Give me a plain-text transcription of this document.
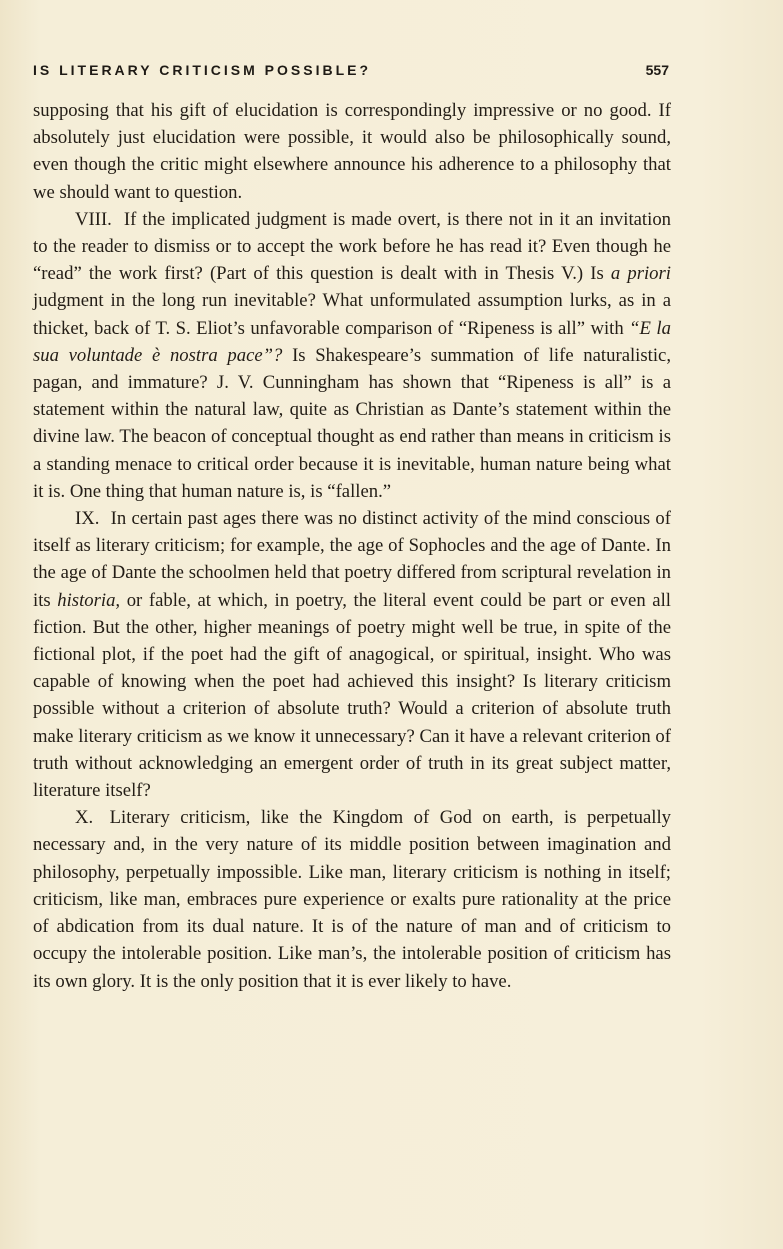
IS LITERARY CRITICISM POSSIBLE?	557

supposing that his gift of elucidation is correspondingly impressive or no good. If absolutely just elucidation were possible, it would also be philosophically sound, even though the critic might elsewhere announce his adherence to a philosophy that we should want to question.

VIII. If the implicated judgment is made overt, is there not in it an invitation to the reader to dismiss or to accept the work before he has read it? Even though he “read” the work first? (Part of this question is dealt with in Thesis V.) Is a priori judgment in the long run inevitable? What unformulated assumption lurks, as in a thicket, back of T. S. Eliot’s unfavorable comparison of “Ripeness is all” with “E la sua voluntade è nostra pace”? Is Shakespeare’s summation of life naturalistic, pagan, and immature? J. V. Cunningham has shown that “Ripeness is all” is a statement within the natural law, quite as Christian as Dante’s statement within the divine law. The beacon of conceptual thought as end rather than means in criticism is a standing menace to critical order because it is inevitable, human nature being what it is. One thing that human nature is, is “fallen.”

IX. In certain past ages there was no distinct activity of the mind conscious of itself as literary criticism; for example, the age of Sophocles and the age of Dante. In the age of Dante the schoolmen held that poetry differed from scriptural revelation in its historia, or fable, at which, in poetry, the literal event could be part or even all fiction. But the other, higher meanings of poetry might well be true, in spite of the fictional plot, if the poet had the gift of anagogical, or spiritual, insight. Who was capable of knowing when the poet had achieved this insight? Is literary criticism possible without a criterion of absolute truth? Would a criterion of absolute truth make literary criticism as we know it unnecessary? Can it have a relevant criterion of truth without acknowledging an emergent order of truth in its great subject matter, literature itself?

X. Literary criticism, like the Kingdom of God on earth, is perpetually necessary and, in the very nature of its middle position between imagination and philosophy, perpetually impossible. Like man, literary criticism is nothing in itself; criticism, like man, embraces pure experience or exalts pure rationality at the price of abdication from its dual nature. It is of the nature of man and of criticism to occupy the intolerable position. Like man’s, the intolerable position of criticism has its own glory. It is the only position that it is ever likely to have.
